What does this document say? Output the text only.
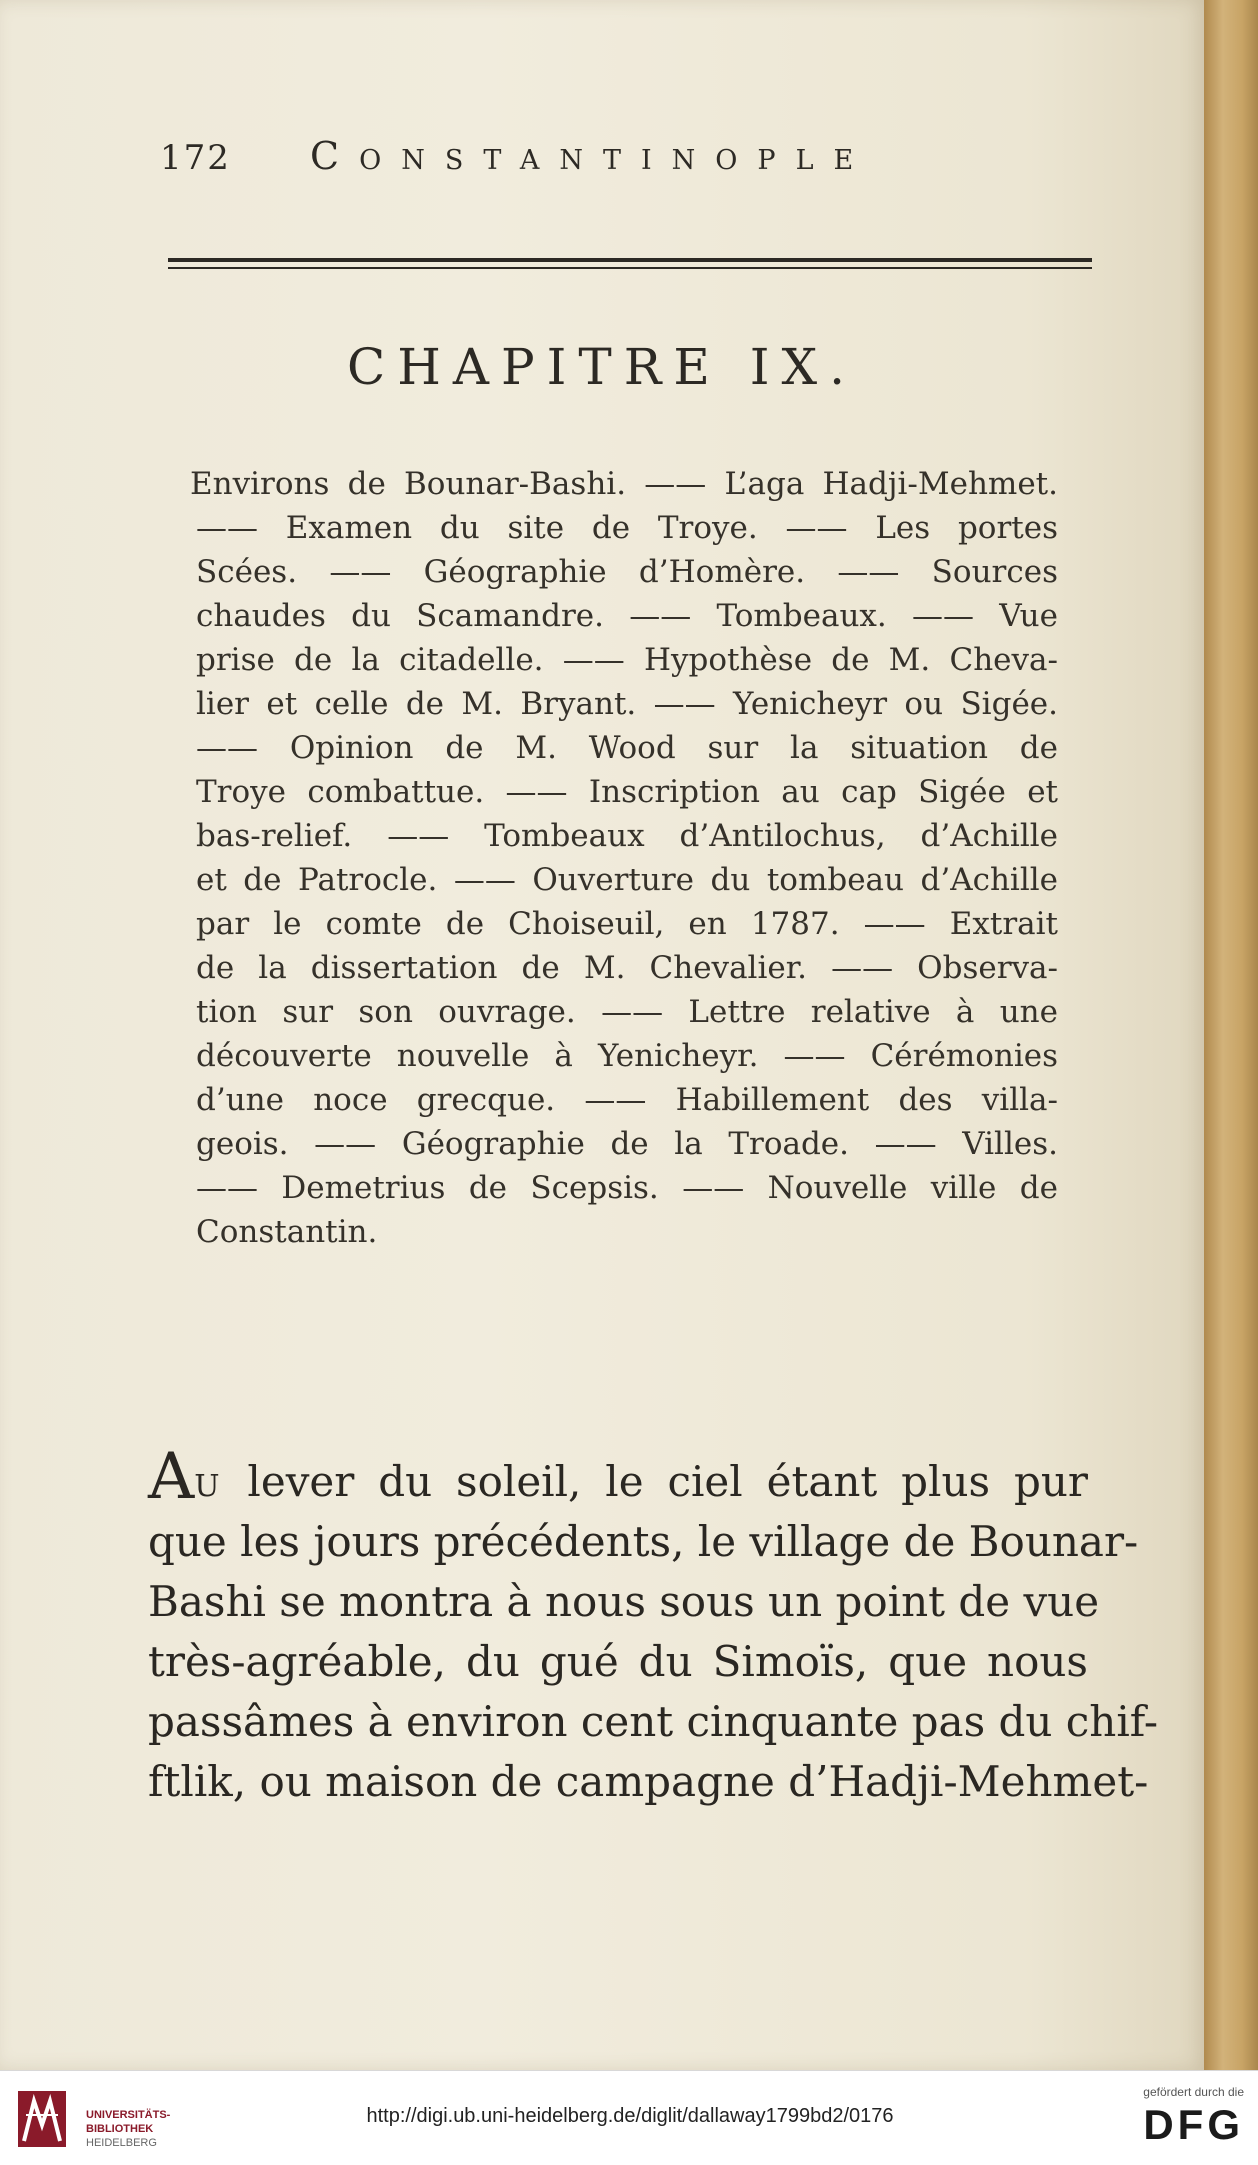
172 Constantinople
CHAPITRE IX.
Environs de Bounar-Bashi. —— L’aga Hadji-Mehmet.
—— Examen du site de Troye. —— Les portes
Scées. —— Géographie d’Homère. —— Sources
chaudes du Scamandre. —— Tombeaux. —— Vue
prise de la citadelle. —— Hypothèse de M. Cheva-
lier et celle de M. Bryant. —— Yenicheyr ou Sigée.
—— Opinion de M. Wood sur la situation de
Troye combattue. —— Inscription au cap Sigée et
bas-relief. —— Tombeaux d’Antilochus, d’Achille
et de Patrocle. —— Ouverture du tombeau d’Achille
par le comte de Choiseuil, en 1787. —— Extrait
de la dissertation de M. Chevalier. —— Observa-
tion sur son ouvrage. —— Lettre relative à une
découverte nouvelle à Yenicheyr. —— Cérémonies
d’une noce grecque. —— Habillement des villa-
geois. —— Géographie de la Troade. —— Villes.
—— Demetrius de Scepsis. —— Nouvelle ville de
Constantin.
AU lever du soleil, le ciel étant plus pur
que les jours précédents, le village de Bounar-
Bashi se montra à nous sous un point de vue
très-agréable, du gué du Simoïs, que nous
passâmes à environ cent cinquante pas du chif-
ftlik, ou maison de campagne d’Hadji-Mehmet-
UNIVERSITÄTS-
BIBLIOTHEK
HEIDELBERG
http://digi.ub.uni-heidelberg.de/diglit/dallaway1799bd2/0176
gefördert durch die
DFG
